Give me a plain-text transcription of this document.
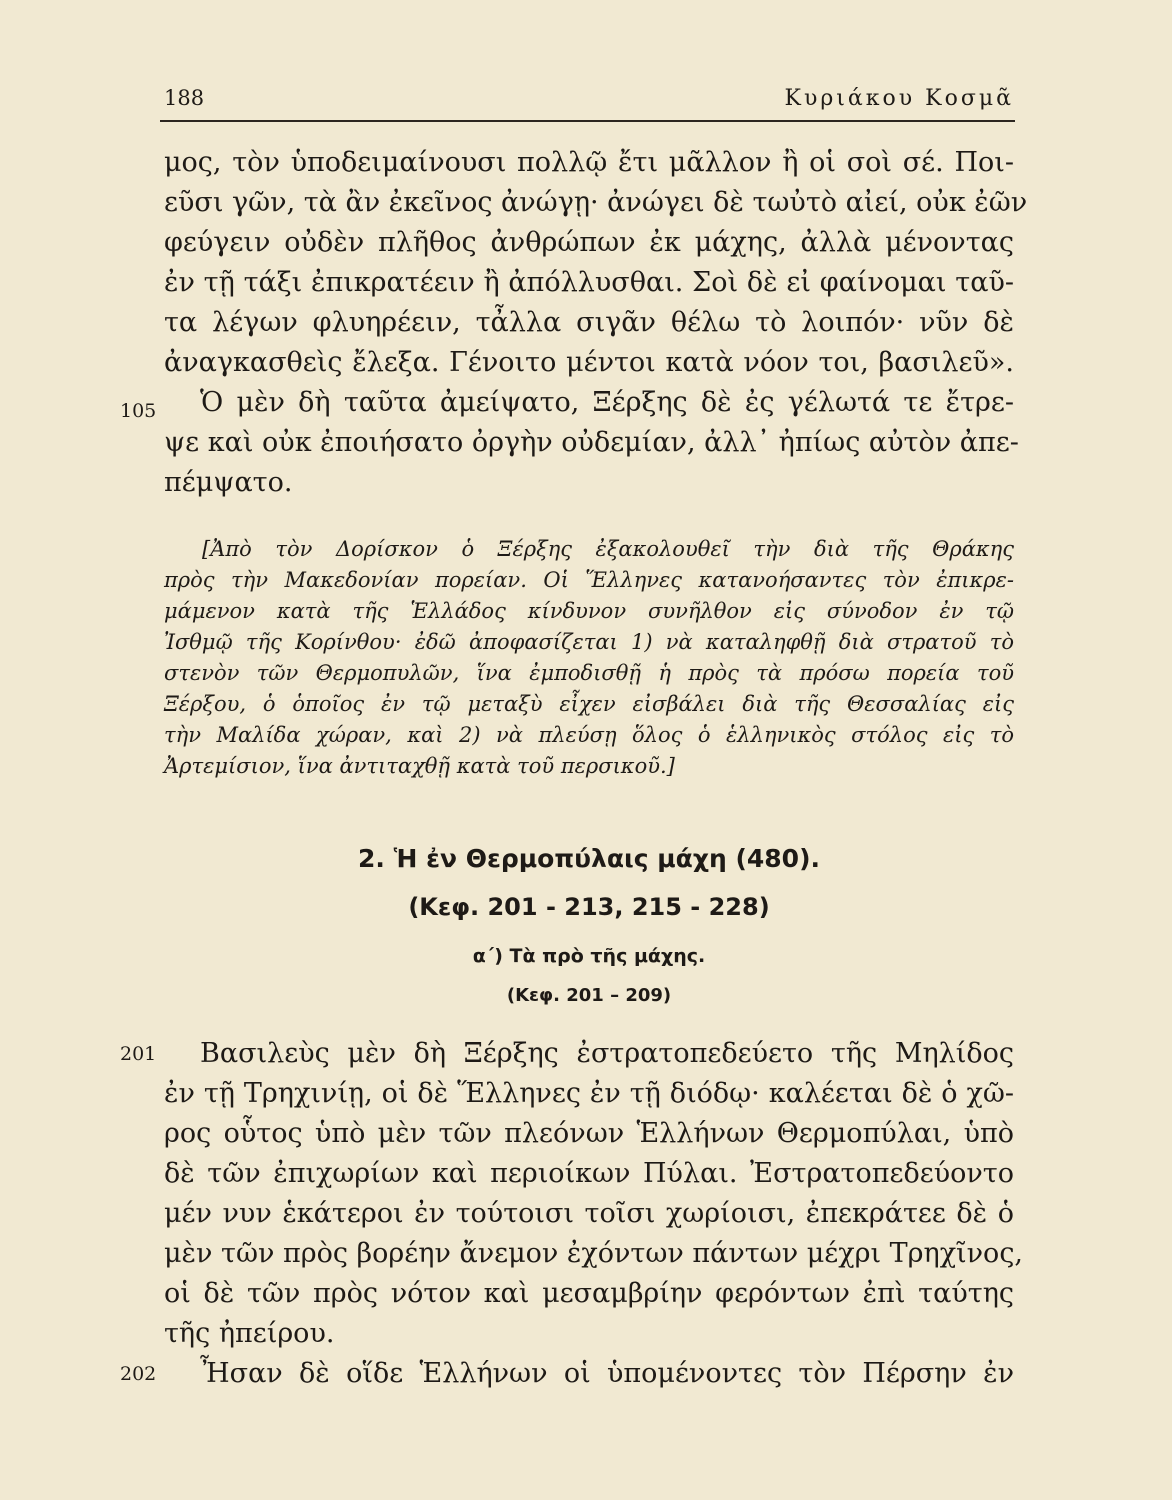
188	Κυριάκου Κοσμᾶ
μος, τὸν ὑποδειμαίνουσι πολλῷ ἔτι μᾶλλον ἢ οἱ σοὶ σέ. Ποι-
εῦσι γῶν, τὰ ἂν ἐκεῖνος ἀνώγῃ· ἀνώγει δὲ τωὐτὸ αἰεί, οὐκ ἐῶν
φεύγειν οὐδὲν πλῆθος ἀνθρώπων ἐκ μάχης, ἀλλὰ μένοντας
ἐν τῇ τάξι ἐπικρατέειν ἢ ἀπόλλυσθαι. Σοὶ δὲ εἰ φαίνομαι ταῦ-
τα λέγων φλυηρέειν, τἆλλα σιγᾶν θέλω τὸ λοιπόν· νῦν δὲ
ἀναγκασθεὶς ἔλεξα. Γένοιτο μέντοι κατὰ νόον τοι, βασιλεῦ».
Ὁ μὲν δὴ ταῦτα ἀμείψατο, Ξέρξης δὲ ἐς γέλωτά τε ἔτρε-
ψε καὶ οὐκ ἐποιήσατο ὀργὴν οὐδεμίαν, ἀλλ᾽ ἠπίως αὐτὸν ἀπε-
πέμψατο.
105
[Ἀπὸ τὸν Δορίσκον ὁ Ξέρξης ἐξακολουθεῖ τὴν διὰ τῆς Θράκης
πρὸς τὴν Μακεδονίαν πορείαν. Οἱ Ἕλληνες κατανοήσαντες τὸν ἐπικρε-
μάμενον κατὰ τῆς Ἑλλάδος κίνδυνον συνῆλθον εἰς σύνοδον ἐν τῷ
Ἰσθμῷ τῆς Κορίνθου· ἐδῶ ἀποφασίζεται 1) νὰ καταληφθῇ διὰ στρατοῦ τὸ
στενὸν τῶν Θερμοπυλῶν, ἵνα ἐμποδισθῇ ἡ πρὸς τὰ πρόσω πορεία τοῦ
Ξέρξου, ὁ ὁποῖος ἐν τῷ μεταξὺ εἶχεν εἰσβάλει διὰ τῆς Θεσσαλίας εἰς
τὴν Μαλίδα χώραν, καὶ 2) νὰ πλεύσῃ ὅλος ὁ ἑλληνικὸς στόλος εἰς τὸ
Ἀρτεμίσιον, ἵνα ἀντιταχθῇ κατὰ τοῦ περσικοῦ.]
2. Ἡ ἐν Θερμοπύλαις μάχη (480).
(Κεφ. 201 - 213, 215 - 228)
α΄) Τὰ πρὸ τῆς μάχης.
(Κεφ. 201 – 209)
Βασιλεὺς μὲν δὴ Ξέρξης ἐστρατοπεδεύετο τῆς Μηλίδος
ἐν τῇ Τρηχινίῃ, οἱ δὲ Ἕλληνες ἐν τῇ διόδῳ· καλέεται δὲ ὁ χῶ-
ρος οὗτος ὑπὸ μὲν τῶν πλεόνων Ἑλλήνων Θερμοπύλαι, ὑπὸ
δὲ τῶν ἐπιχωρίων καὶ περιοίκων Πύλαι. Ἐστρατοπεδεύοντο
μέν νυν ἑκάτεροι ἐν τούτοισι τοῖσι χωρίοισι, ἐπεκράτεε δὲ ὁ
μὲν τῶν πρὸς βορέην ἄνεμον ἐχόντων πάντων μέχρι Τρηχῖνος,
οἱ δὲ τῶν πρὸς νότον καὶ μεσαμβρίην φερόντων ἐπὶ ταύτης
τῆς ἠπείρου.
Ἦσαν δὲ οἵδε Ἑλλήνων οἱ ὑπομένοντες τὸν Πέρσην ἐν
201
202
